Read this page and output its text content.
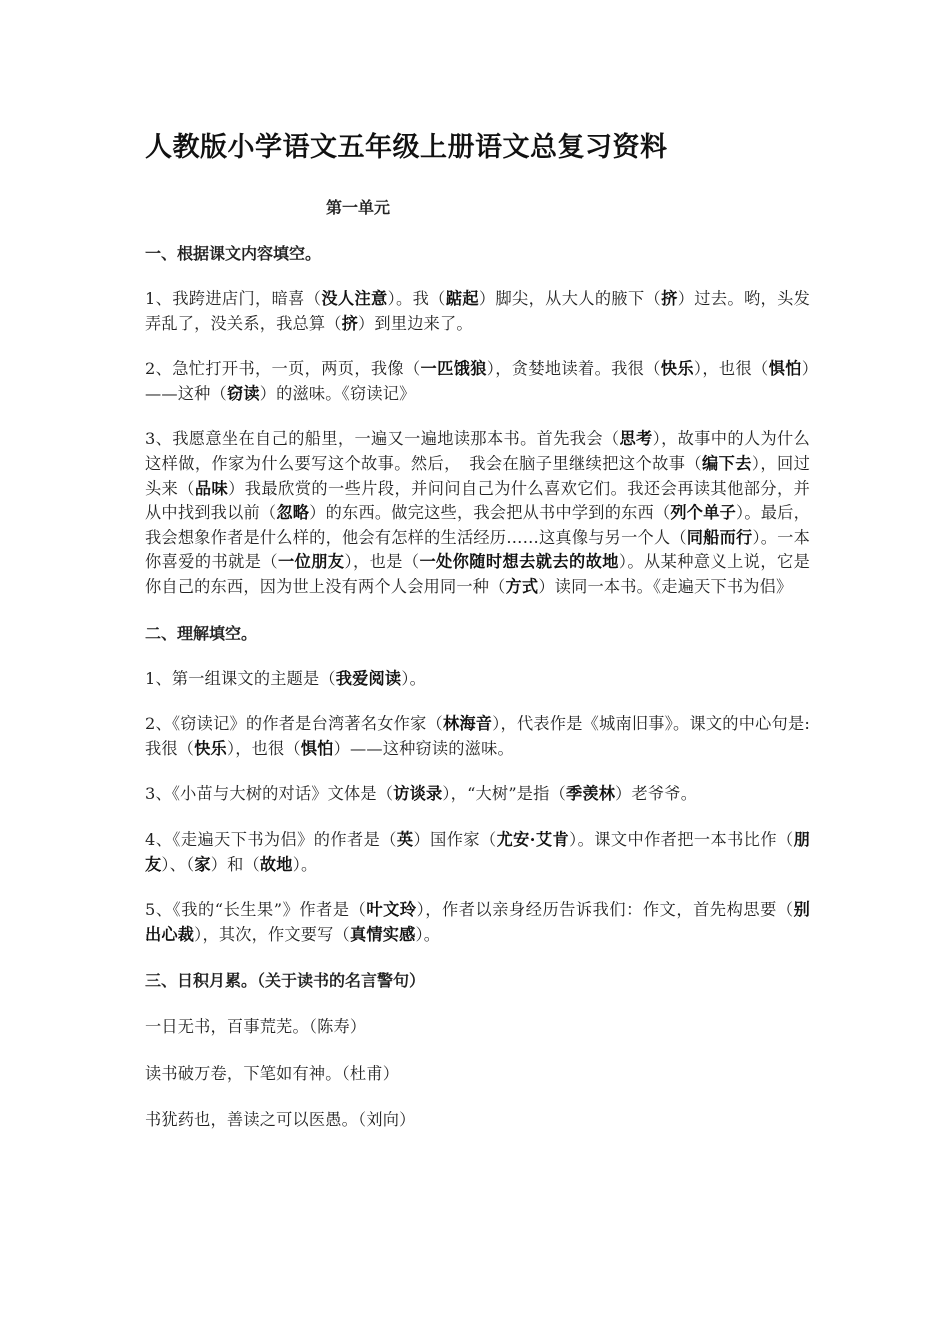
人教版小学语文五年级上册语文总复习资料
第一单元
一、根据课文内容填空。

1、我跨进店门，暗喜（没人注意）。我（踮起）脚尖，从大人的腋下（挤）过去。哟，头发弄乱了，没关系，我总算（挤）到里边来了。

2、急忙打开书，一页，两页，我像（一匹饿狼），贪婪地读着。我很（快乐），也很（惧怕）——这种（窃读）的滋味。《窃读记》

3、我愿意坐在自己的船里，一遍又一遍地读那本书。首先我会（思考），故事中的人为什么这样做，作家为什么要写这个故事。然后，　我会在脑子里继续把这个故事（编下去），回过头来（品味）我最欣赏的一些片段，并问问自己为什么喜欢它们。我还会再读其他部分，并从中找到我以前（忽略）的东西。做完这些，我会把从书中学到的东西（列个单子）。最后，我会想象作者是什么样的，他会有怎样的生活经历……这真像与另一个人（同船而行）。一本你喜爱的书就是（一位朋友），也是（一处你随时想去就去的故地）。从某种意义上说，它是你自己的东西，因为世上没有两个人会用同一种（方式）读同一本书。《走遍天下书为侣》

二、理解填空。

1、第一组课文的主题是（我爱阅读）。

2、《窃读记》的作者是台湾著名女作家（林海音），代表作是《城南旧事》。课文的中心句是:我很（快乐），也很（惧怕）——这种窃读的滋味。

3、《小苗与大树的对话》文体是（访谈录），“大树”是指（季羡林）老爷爷。

4、《走遍天下书为侣》的作者是（英）国作家（尤安·艾肯）。课文中作者把一本书比作（朋友）、（家）和（故地）。

5、《我的“长生果”》作者是（叶文玲），作者以亲身经历告诉我们：作文，首先构思要（别出心裁），其次，作文要写（真情实感）。

三、日积月累。（关于读书的名言警句）

一日无书，百事荒芜。（陈寿）

读书破万卷，下笔如有神。（杜甫）

书犹药也，善读之可以医愚。（刘向）
